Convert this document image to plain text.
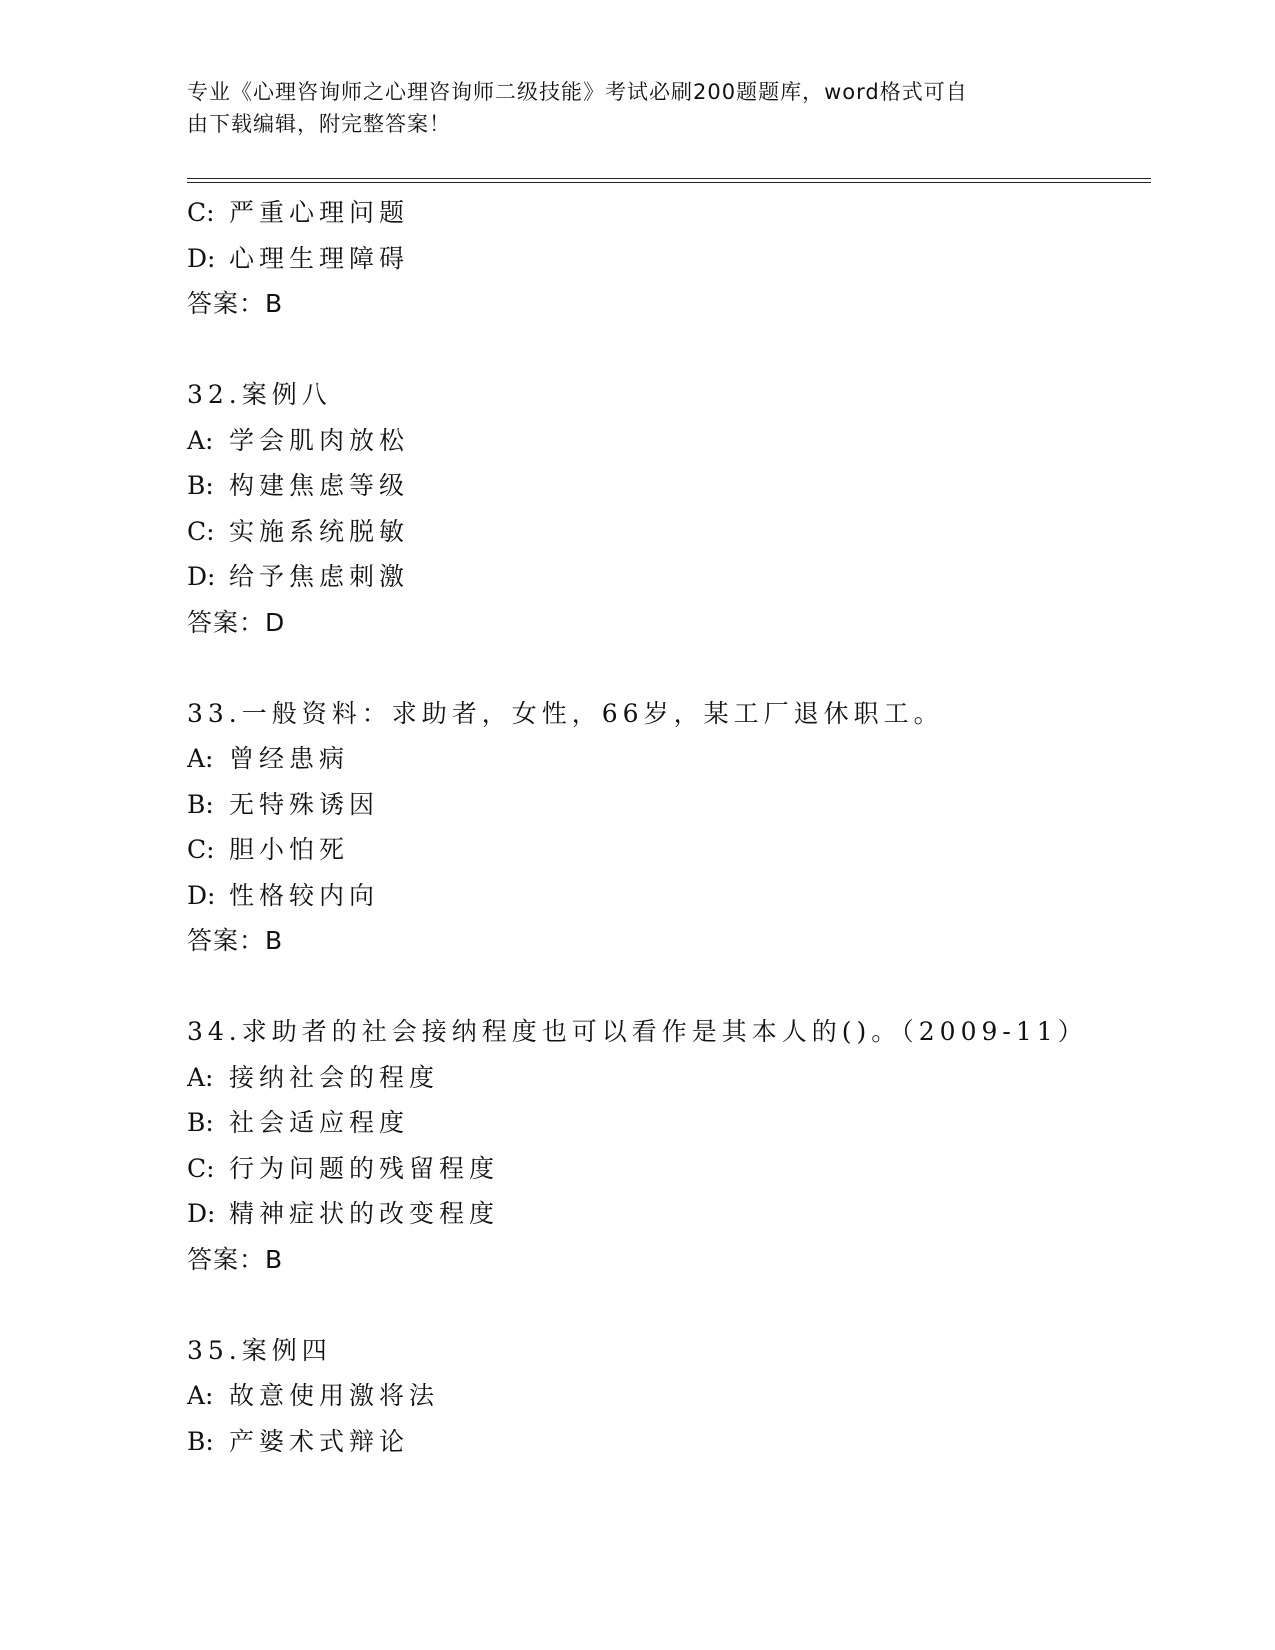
专业《心理咨询师之心理咨询师二级技能》考试必刷200题题库，word格式可自
由下载编辑，附完整答案！
C: 严重心理问题
D: 心理生理障碍
答案：B
32.案例八
A: 学会肌肉放松
B: 构建焦虑等级
C: 实施系统脱敏
D: 给予焦虑刺激
答案：D
33.一般资料：求助者，女性，66岁，某工厂退休职工。
A: 曾经患病
B: 无特殊诱因
C: 胆小怕死
D: 性格较内向
答案：B
34.求助者的社会接纳程度也可以看作是其本人的()。（2009-11）
A: 接纳社会的程度
B: 社会适应程度
C: 行为问题的残留程度
D: 精神症状的改变程度
答案：B
35.案例四
A: 故意使用激将法
B: 产婆术式辩论
